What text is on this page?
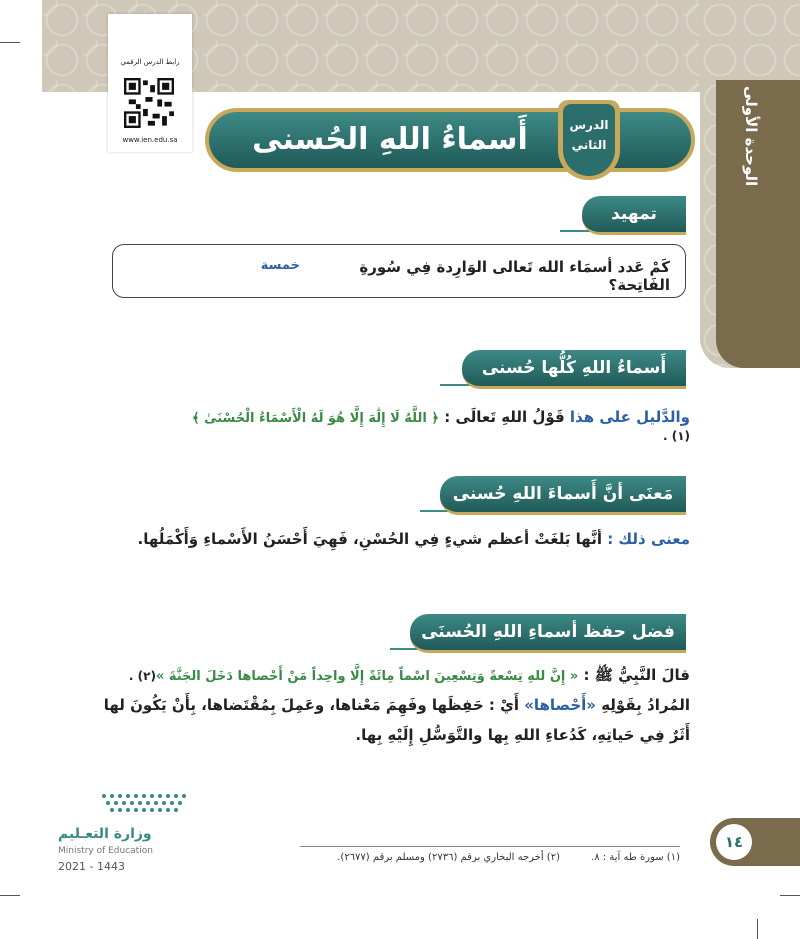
الوحدة الأولى
رابط الدرس الرقمي
www.ien.edu.sa	أَسماءُ اللهِ الحُسنى	الدرس
الثاني
تمهيد
كَمْ عَدد أسمَاء الله تَعالى الوَارِدة فِي سُورةِ الفَاتِحة؟
خمسة
أَسماءُ اللهِ كُلُّها حُسنى
والدَّليل على هذا قَوْلُ اللهِ تَعالَى : ﴿ اللَّهُ لَا إِلَٰهَ إِلَّا هُوَ لَهُ الْأَسْمَاءُ الْحُسْنَىٰ ﴾(١) .
مَعنَى أنَّ أَسماءَ اللهِ حُسنى
معنى ذلك : أنَّها بَلغَتْ أعظم شيءٍ فِي الحُسْنِ، فَهِيَ أَحْسَنُ الأَسْماءِ وَأَكْمَلُها.
فضل حفظ أسماءِ اللهِ الحُسنَى
قالَ النَّبِيُّ ﷺ : « إِنَّ للهِ تِسْعةً وَتِسْعِينَ اسْماً مِائَةً إِلَّا واحِداً مَنْ أَحْصاها دَخَلَ الجَنَّةَ »(٢) .
المُرادُ بِقَوْلِهِ «أَحْصاها» أَيْ : حَفِظَها وفَهِمَ مَعْناها، وعَمِلَ بِمُقْتَضاها، بِأَنْ يَكُونَ لها
أَثَرٌ فِي حَياتِهِ، كَدُعاءِ اللهِ بِها والتَّوَسُّلِ إِلَيْهِ بِها.
وزارة التعـليم
Ministry of Education
2021 - 1443
(١) سورة طه آية : ٨.
(٢) أخرجه البخاري برقم (٢٧٣٦) ومسلم برقم (٢٦٧٧).
١٤
